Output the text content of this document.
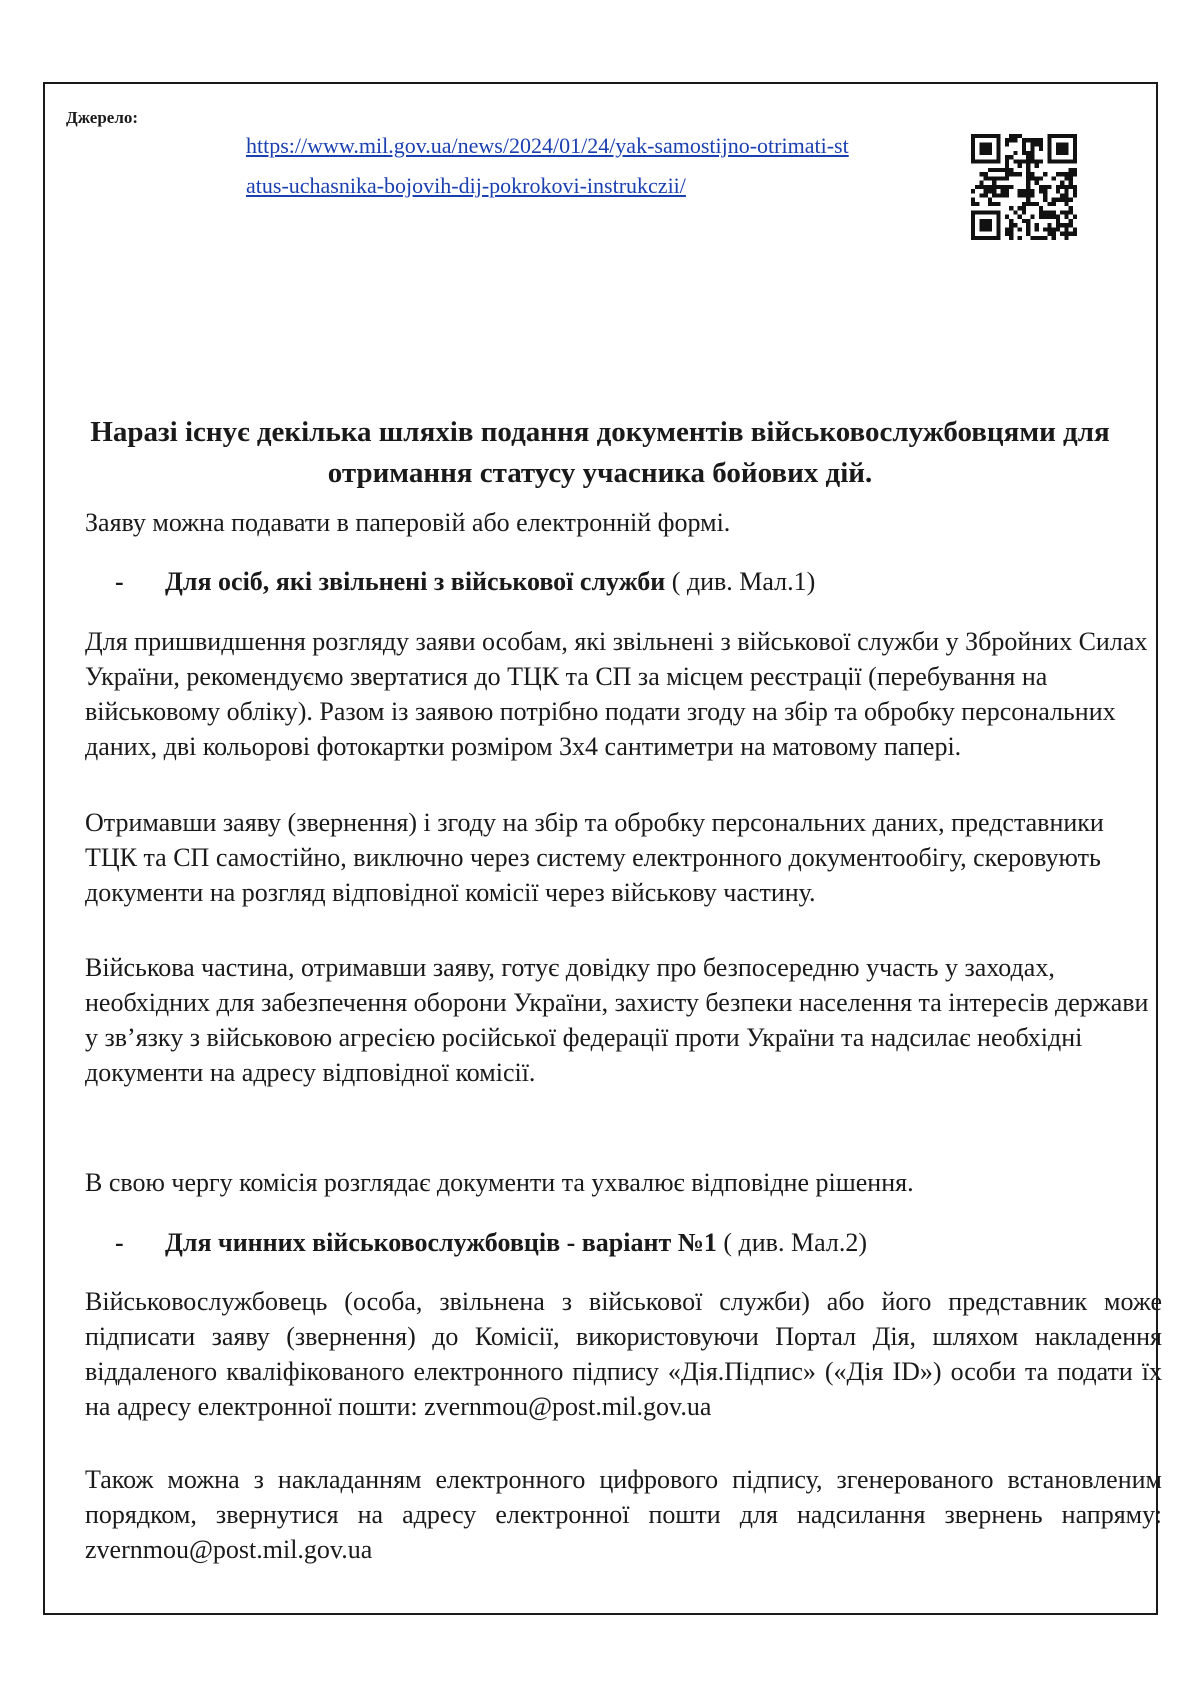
Джерело:
https://www.mil.gov.ua/news/2024/01/24/yak-samostijno-otrimati-status-uchasnika-bojovih-dij-pokrokovi-instrukczii/
Наразі існує декілька шляхів подання документів військовослужбовцями для отримання статусу учасника бойових дій.

Заяву можна подавати в паперовій або електронній формі.

- Для осіб, які звільнені з військової служби ( див. Мал.1)

Для пришвидшення розгляду заяви особам, які звільнені з військової служби у Збройних Силах України, рекомендуємо звертатися до ТЦК та СП за місцем реєстрації (перебування на військовому обліку). Разом із заявою потрібно подати згоду на збір та обробку персональних даних, дві кольорові фотокартки розміром 3х4 сантиметри на матовому папері.

Отримавши заяву (звернення) і згоду на збір та обробку персональних даних, представники ТЦК та СП самостійно, виключно через систему електронного документообігу, скеровують документи на розгляд відповідної комісії через військову частину.

Військова частина, отримавши заяву, готує довідку про безпосередню участь у заходах, необхідних для забезпечення оборони України, захисту безпеки населення та інтересів держави у зв’язку з військовою агресією російської федерації проти України та надсилає необхідні документи на адресу відповідної комісії.

В свою чергу комісія розглядає документи та ухвалює відповідне рішення.

- Для чинних військовослужбовців - варіант №1 ( див. Мал.2)

Військовослужбовець (особа, звільнена з військової служби) або його представник може підписати заяву (звернення) до Комісії, використовуючи Портал Дія, шляхом накладення віддаленого кваліфікованого електронного підпису «Дія.Підпис» («Дія ID») особи та подати їх на адресу електронної пошти: zvernmou@post.mil.gov.ua

Також можна з накладанням електронного цифрового підпису, згенерованого встановленим порядком, звернутися на адресу електронної пошти для надсилання звернень напряму: zvernmou@post.mil.gov.ua
